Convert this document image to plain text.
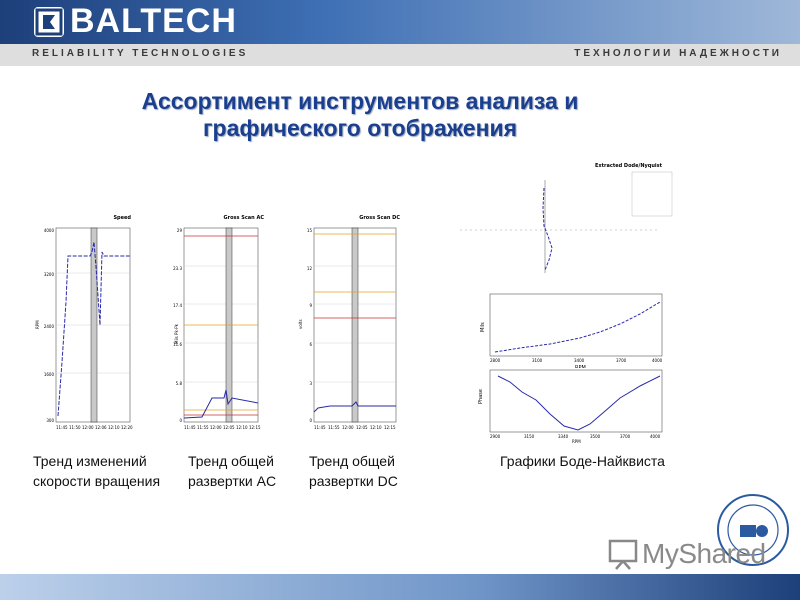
BALTECH
RELIABILITY TECHNOLOGIES	ТЕХНОЛОГИИ НАДЕЖНОСТИ
Ассортимент инструментов анализа и
графического отображения
Speed
RPM
4000
3200
2400
1600
300
11:45 11:50 12:00 12:06 12:10 12:20
Gross Scan AC
Mils Pk-Pk
29
23.3
17.4
11.6
5.8
0
11:45 11:55 12:00 12:05 12:10 12:15
Gross Scan DC
volts
15
12
9
6
3
0
11:45 11:55 12:00 12:05 12:10 12:15
Extracted Dode/Nyquist
Mils
RPM
2800	3100	3400	3700	4000
Phase
2900	3150	3340	3500	3700	4000
RPM
Тренд изменений
скорости вращения
Тренд общей
развертки AC
Тренд общей
развертки DC
Графики Боде-Найквиста
MyShared
